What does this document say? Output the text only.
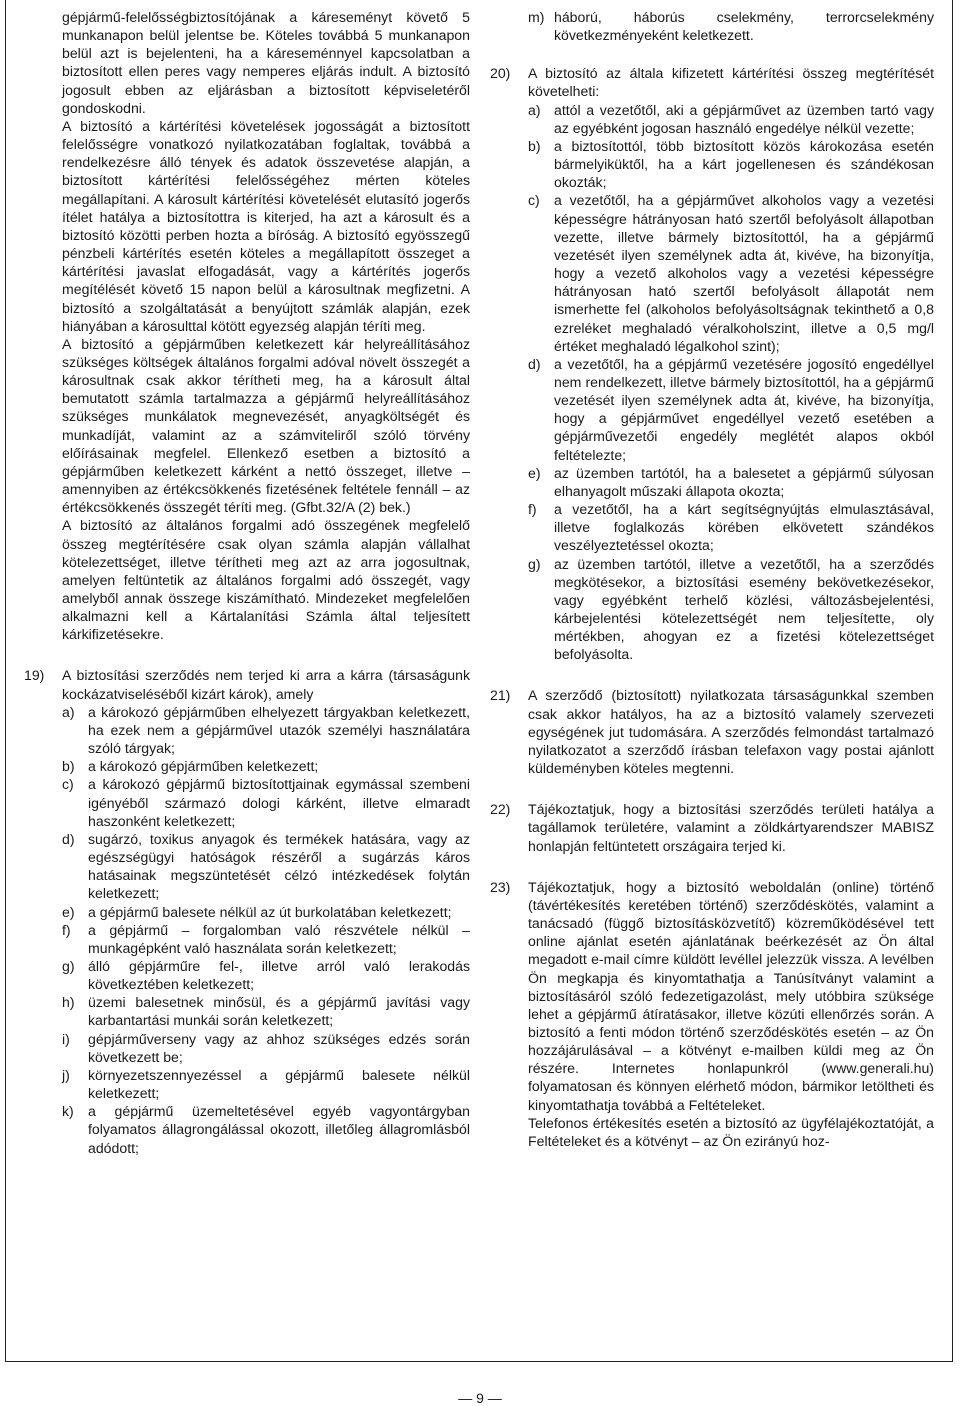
gépjármű-felelősségbiztosítójának a káreseményt követő 5 munkanapon belül jelentse be. Köteles továbbá 5 munkanapon belül azt is bejelenteni, ha a káreseménnyel kapcsolatban a biztosított ellen peres vagy nemperes eljárás indult. A biztosító jogosult ebben az eljárásban a biztosított képviseletéről gondoskodni.

A biztosító a kártérítési követelések jogosságát a biztosított felelősségre vonatkozó nyilatkozatában foglaltak, továbbá a rendelkezésre álló tények és adatok összevetése alapján, a biztosított kártérítési felelősségéhez mérten köteles megállapítani. A károsult kártérítési követelését elutasító jogerős ítélet hatálya a biztosítottra is kiterjed, ha azt a károsult és a biztosító közötti perben hozta a bíróság. A biztosító egyösszegű pénzbeli kártérítés esetén köteles a megállapított összeget a kártérítési javaslat elfogadását, vagy a kártérítés jogerős megítélését követő 15 napon belül a károsultnak megfizetni. A biztosító a szolgáltatását a benyújtott számlák alapján, ezek hiányában a károsulttal kötött egyezség alapján téríti meg.

A biztosító a gépjárműben keletkezett kár helyreállításához szükséges költségek általános forgalmi adóval növelt összegét a károsultnak csak akkor térítheti meg, ha a károsult által bemutatott számla tartalmazza a gépjármű helyreállításához szükséges munkálatok megnevezését, anyagköltségét és munkadíját, valamint az a számviteliről szóló törvény előírásainak megfelel. Ellenkező esetben a biztosító a gépjárműben keletkezett kárként a nettó összeget, illetve – amennyiben az értékcsökkenés fizetésének feltétele fennáll – az értékcsökkenés összegét téríti meg. (Gfbt.32/A (2) bek.)

A biztosító az általános forgalmi adó összegének megfelelő összeg megtérítésére csak olyan számla alapján vállalhat kötelezettséget, illetve térítheti meg azt az arra jogosultnak, amelyen feltüntetik az általános forgalmi adó összegét, vagy amelyből annak összege kiszámítható. Mindezeket megfelelően alkalmazni kell a Kártalanítási Számla által teljesített kárkifizetésekre.

19) A biztosítási szerződés nem terjed ki arra a kárra (társaságunk kockázatviseléséből kizárt károk), amely

a) a károkozó gépjárműben elhelyezett tárgyakban keletkezett, ha ezek nem a gépjárművel utazók személyi használatára szóló tárgyak;
b) a károkozó gépjárműben keletkezett;
c)	a károkozó gépjármű biztosítottjainak egymással szembeni igényéből származó dologi kárként, illetve elmaradt haszonként keletkezett;
d) sugárzó, toxikus anyagok és termékek hatására, vagy az egészségügyi hatóságok részéről a sugárzás káros hatásainak megszüntetését célzó intézkedések folytán keletkezett;
e) a gépjármű balesete nélkül az út burkolatában keletkezett;
f)	a gépjármű – forgalomban való részvétele nélkül – munkagépként való használata során keletkezett;
g) álló gépjárműre fel-, illetve arról való lerakodás következtében keletkezett;
h) üzemi balesetnek minősül, és a gépjármű javítási vagy karbantartási munkái során keletkezett;
i)	gépjárműverseny vagy az ahhoz szükséges edzés során következett be;
j)	környezetszennyezéssel a gépjármű balesete nélkül keletkezett;
k)	a gépjármű üzemeltetésével egyéb vagyontárgyban folyamatos állagrongálással okozott, illetőleg állagromlásból adódott;
m) háború, háborús cselekmény, terrorcselekmény következményeként keletkezett.
20) A biztosító az általa kifizetett kártérítési összeg megtérítését követelheti:

a) attól a vezetőtől, aki a gépjárművet az üzemben tartó vagy az egyébként jogosan használó engedélye nélkül vezette;
b) a biztosítottól, több biztosított közös károkozása esetén bármelyiküktől, ha a kárt jogellenesen és szándékosan okozták;
c)	a vezetőtől, ha a gépjárművet alkoholos vagy a vezetési képességre hátrányosan ható szertől befolyásolt állapotban vezette, illetve bármely biztosítottól, ha a gépjármű vezetését ilyen személynek adta át, kivéve, ha bizonyítja, hogy a vezető alkoholos vagy a vezetési képességre hátrányosan ható szertől befolyásolt állapotát nem ismerhette fel (alkoholos befolyásoltságnak tekinthető a 0,8 ezreléket meghaladó véralkoholszint, illetve a 0,5 mg/l értéket meghaladó légalkohol szint);
d) a vezetőtől, ha a gépjármű vezetésére jogosító engedéllyel nem rendelkezett, illetve bármely biztosítottól, ha a gépjármű vezetését ilyen személynek adta át, kivéve, ha bizonyítja, hogy a gépjárművet engedéllyel vezető esetében a gépjárművezetői engedély meglétét alapos okból feltételezte;
e) az üzemben tartótól, ha a balesetet a gépjármű súlyosan elhanyagolt műszaki állapota okozta;
f)	a vezetőtől, ha a kárt segítségnyújtás elmulasztásával, illetve foglalkozás körében elkövetett szándékos veszélyeztetéssel okozta;
g) az üzemben tartótól, illetve a vezetőtől, ha a szerződés megkötésekor, a biztosítási esemény bekövetkezésekor, vagy egyébként terhelő közlési, változásbejelentési, kárbejelentési kötelezettségét nem teljesítette, oly mértékben, ahogyan ez a fizetési kötelezettséget befolyásolta.
21) A szerződő (biztosított) nyilatkozata társaságunkkal szemben csak akkor hatályos, ha az a biztosító valamely szervezeti egységének jut tudomására. A szerződés felmondást tartalmazó nyilatkozatot a szerződő írásban telefaxon vagy postai ajánlott küldeményben köteles megtenni.

22) Tájékoztatjuk, hogy a biztosítási szerződés területi hatálya a tagállamok területére, valamint a zöldkártyarendszer MABISZ honlapján feltüntetett országaira terjed ki.

23) Tájékoztatjuk, hogy a biztosító weboldalán (online) történő (távértékesítés keretében történő) szerződéskötés, valamint a tanácsadó (függő biztosításközvetítő) közreműködésével tett online ajánlat esetén ajánlatának beérkezését az Ön által megadott e-mail címre küldött levéllel jelezzük vissza. A levélben Ön megkapja és kinyomtathatja a Tanúsítványt valamint a biztosításáról szóló fedezetigazolást, mely utóbbira szüksége lehet a gépjármű átíratásakor, illetve közúti ellenőrzés során. A biztosító a fenti módon történő szerződéskötés esetén – az Ön hozzájárulásával – a kötvényt e-mailben küldi meg az Ön részére. Internetes honlapunkról (www.generali.hu) folyamatosan és könnyen elérhető módon, bármikor letöltheti és kinyomtathatja továbbá a Feltételeket.

Telefonos értékesítés esetén a biztosító az ügyfélajékoztatóját, a Feltételeket és a kötvényt – az Ön ezirányú hoz-

— 9 —
